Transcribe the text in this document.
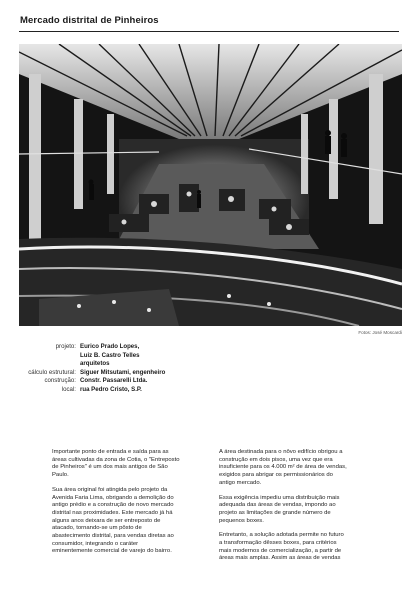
Mercado distrital de Pinheiros
Fotos: José Moscardi
projeto: Eurico Prado Lopes,
Luiz B. Castro Telles
arquitetos
cálculo estrutural: Siguer Mitsutami, engenheiro
construção: Constr. Passarelli Ltda.
local: rua Pedro Cristo, S.P.

Importante ponto de entrada e saída para as áreas cultivadas da zona de Cotia, o "Entreposto de Pinheiros" é um dos mais antigos de São Paulo.

Sua área original foi atingida pelo projeto da Avenida Faria Lima, obrigando a demolição do antigo prédio e a construção de novo mercado distrital nas proximidades. Este mercado já há alguns anos deixara de ser entreposto de atacado, tornando-se um pôsto de abastecimento distrital, para vendas diretas ao consumidor, integrando o caráter eminentemente comercial de varejo do bairro.

A área destinada para o nôvo edifício obrigou a construção em dois pisos, uma vez que era insuficiente para os 4.000 m² de área de vendas, exigidos para abrigar os permissionários do antigo mercado.

Essa exigência impediu uma distribuição mais adequada das áreas de vendas, impondo ao projeto as limitações de grande número de pequenos boxes.

Entretanto, a solução adotada permite no futuro a transformação dêsses boxes, para critérios mais modernos de comercialização, a partir de áreas mais amplas. Assim as áreas de vendas
